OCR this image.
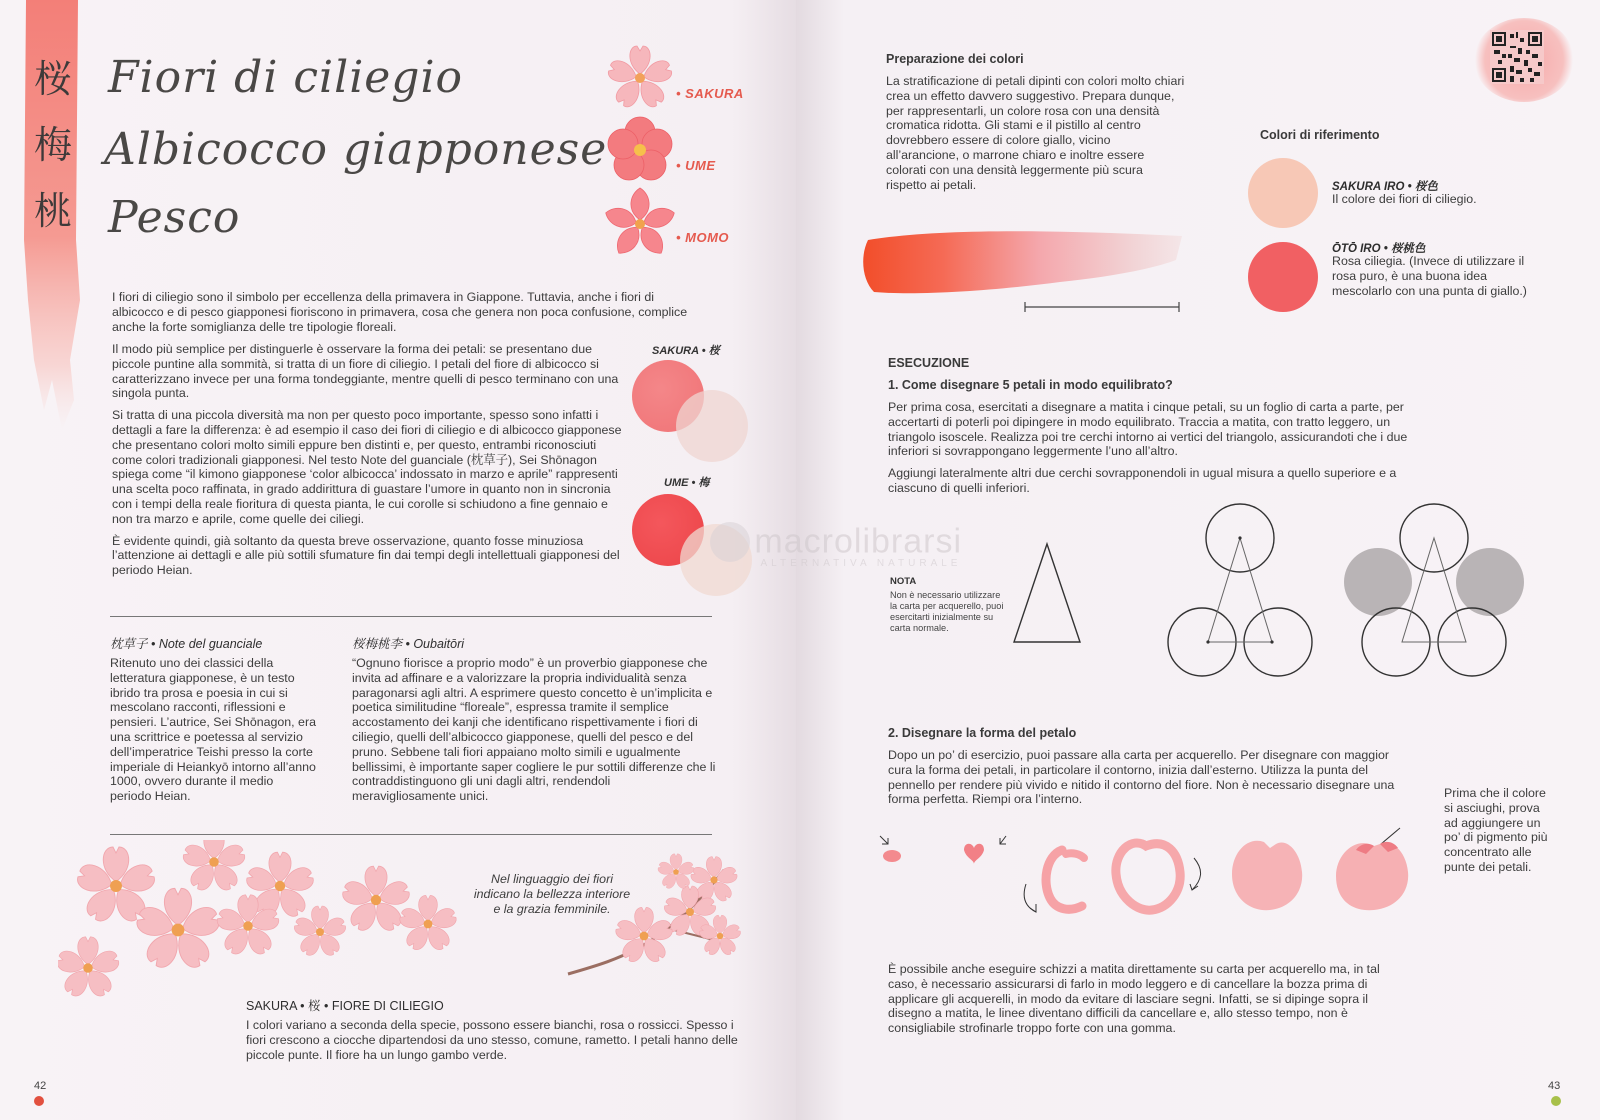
桜
梅
桃
Fiori di ciliegio
Albicocco giapponese
Pesco
• SAKURA
• UME
• MOMO

I fiori di ciliegio sono il simbolo per eccellenza della primavera in Giappone. Tuttavia, anche i fiori di albicocco e di pesco giapponesi fioriscono in primavera, cosa che genera non poca confusione, complice anche la forte somiglianza delle tre tipologie floreali.

Il modo più semplice per distinguerle è osservare la forma dei petali: se presentano due piccole puntine alla sommità, si tratta di un fiore di ciliegio. I petali del fiore di albicocco si caratterizzano invece per una forma tondeggiante, mentre quelli di pesco terminano con una singola punta.

Si tratta di una piccola diversità ma non per questo poco importante, spesso sono infatti i dettagli a fare la differenza: è ad esempio il caso dei fiori di ciliegio e di albicocco giapponese che presentano colori molto simili eppure ben distinti e, per questo, entrambi riconosciuti come colori tradizionali giapponesi. Nel testo Note del guanciale (枕草子), Sei Shōnagon spiega come “il kimono giapponese ‘color albicocca’ indossato in marzo e aprile” rappresenti una scelta poco raffinata, in grado addirittura di guastare l’umore in quanto non in sincronia con i tempi della reale fioritura di questa pianta, le cui corolle si schiudono a fine gennaio e non tra marzo e aprile, come quelle dei ciliegi.

È evidente quindi, già soltanto da questa breve osservazione, quanto fosse minuziosa l’attenzione ai dettagli e alle più sottili sfumature fin dai tempi degli intellettuali giapponesi del periodo Heian.

SAKURA • 桜
UME • 梅
枕草子 • Note del guanciale
Ritenuto uno dei classici della letteratura giapponese, è un testo ibrido tra prosa e poesia in cui si mescolano racconti, riflessioni e pensieri. L’autrice, Sei Shōnagon, era una scrittrice e poetessa al servizio dell’imperatrice Teishi presso la corte imperiale di Heiankyō intorno all’anno 1000, ovvero durante il medio periodo Heian.
桜梅桃李 • Oubaitōri
“Ognuno fiorisce a proprio modo” è un proverbio giapponese che invita ad affinare e a valorizzare la propria individualità senza paragonarsi agli altri. A esprimere questo concetto è un’implicita e poetica similitudine “floreale”, espressa tramite il semplice accostamento dei kanji che identificano rispettivamente i fiori di ciliegio, quelli dell’albicocco giapponese, quelli del pesco e del pruno. Sebbene tali fiori appaiano molto simili e ugualmente bellissimi, è importante saper cogliere le pur sottili differenze che li contraddistinguono gli uni dagli altri, rendendoli meravigliosamente unici.
Nel linguaggio dei fiori indicano la bellezza interiore e la grazia femminile.
SAKURA • 桜 • FIORE DI CILIEGIO
I colori variano a seconda della specie, possono essere bianchi, rosa o rossicci. Spesso i fiori crescono a ciocche dipartendosi da uno stesso, comune, rametto. I petali hanno delle piccole punte. Il fiore ha un lungo gambo verde.
42
Preparazione dei colori
La stratificazione di petali dipinti con colori molto chiari crea un effetto davvero suggestivo. Prepara dunque, per rappresentarli, un colore rosa con una densità cromatica ridotta. Gli stami e il pistillo al centro dovrebbero essere di colore giallo, vicino all’arancione, o marrone chiaro e inoltre essere colorati con una densità leggermente più scura rispetto ai petali.
Colori di riferimento
SAKURA IRO • 桜色
Il colore dei fiori di ciliegio.
ŌTŌ IRO • 桜桃色
Rosa ciliegia. (Invece di utilizzare il rosa puro, è una buona idea mescolarlo con una punta di giallo.)
ESECUZIONE
1. Come disegnare 5 petali in modo equilibrato?
Per prima cosa, esercitati a disegnare a matita i cinque petali, su un foglio di carta a parte, per accertarti di poterli poi dipingere in modo equilibrato. Traccia a matita, con tratto leggero, un triangolo isoscele. Realizza poi tre cerchi intorno ai vertici del triangolo, assicurandoti che i due inferiori si sovrappongano leggermente l’uno all’altro.
Aggiungi lateralmente altri due cerchi sovrapponendoli in ugual misura a quello superiore e a ciascuno di quelli inferiori.
NOTA
Non è necessario utilizzare la carta per acquerello, puoi esercitarti inizialmente su carta normale.
macrolibrarsi
ALTERNATIVA NATURALE
2. Disegnare la forma del petalo
Dopo un po’ di esercizio, puoi passare alla carta per acquerello. Per disegnare con maggior cura la forma dei petali, in particolare il contorno, inizia dall’esterno. Utilizza la punta del pennello per rendere più vivido e nitido il contorno del fiore. Non è necessario disegnare una forma perfetta. Riempi ora l’interno.	Prima che il colore si asciughi, prova ad aggiungere un po’ di pigmento più concentrato alle punte dei petali.
È possibile anche eseguire schizzi a matita direttamente su carta per acquerello ma, in tal caso, è necessario assicurarsi di farlo in modo leggero e di cancellare la bozza prima di applicare gli acquerelli, in modo da evitare di lasciare segni. Infatti, se si dipinge sopra il disegno a matita, le linee diventano difficili da cancellare e, allo stesso tempo, non è consigliabile strofinarle troppo forte con una gomma.
43
